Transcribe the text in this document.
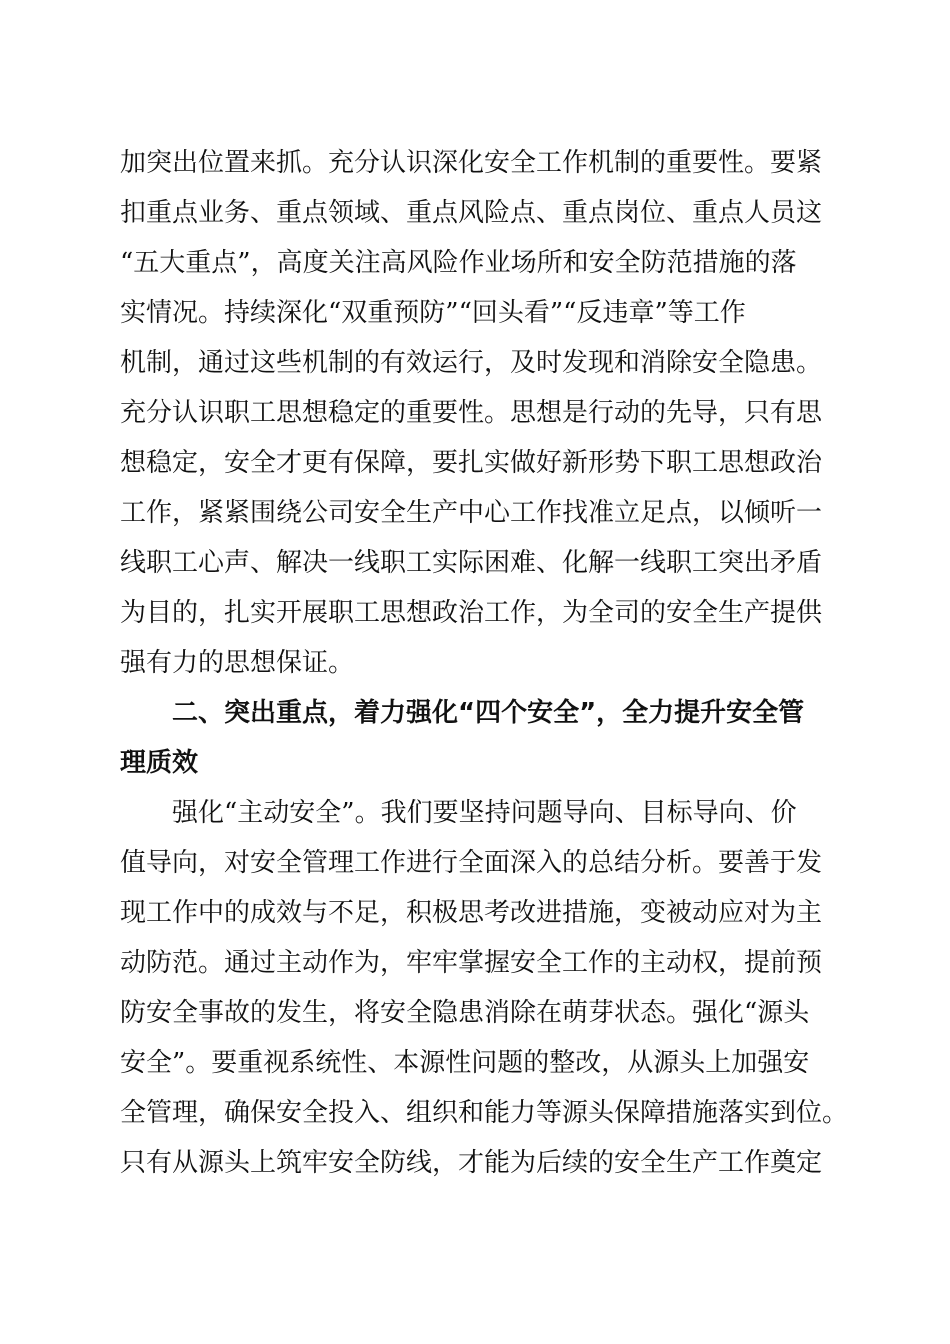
加突出位置来抓。充分认识深化安全工作机制的重要性。要紧
扣重点业务、重点领域、重点风险点、重点岗位、重点人员这
“五大重点”，高度关注高风险作业场所和安全防范措施的落
实情况。持续深化“双重预防”“回头看”“反违章”等工作
机制，通过这些机制的有效运行，及时发现和消除安全隐患。
充分认识职工思想稳定的重要性。思想是行动的先导，只有思
想稳定，安全才更有保障，要扎实做好新形势下职工思想政治
工作，紧紧围绕公司安全生产中心工作找准立足点，以倾听一
线职工心声、解决一线职工实际困难、化解一线职工突出矛盾
为目的，扎实开展职工思想政治工作，为全司的安全生产提供
强有力的思想保证。
二、突出重点，着力强化“四个安全”，全力提升安全管
理质效
强化“主动安全”。我们要坚持问题导向、目标导向、价
值导向，对安全管理工作进行全面深入的总结分析。要善于发
现工作中的成效与不足，积极思考改进措施，变被动应对为主
动防范。通过主动作为，牢牢掌握安全工作的主动权，提前预
防安全事故的发生，将安全隐患消除在萌芽状态。强化“源头
安全”。要重视系统性、本源性问题的整改，从源头上加强安
全管理，确保安全投入、组织和能力等源头保障措施落实到位。
只有从源头上筑牢安全防线，才能为后续的安全生产工作奠定
